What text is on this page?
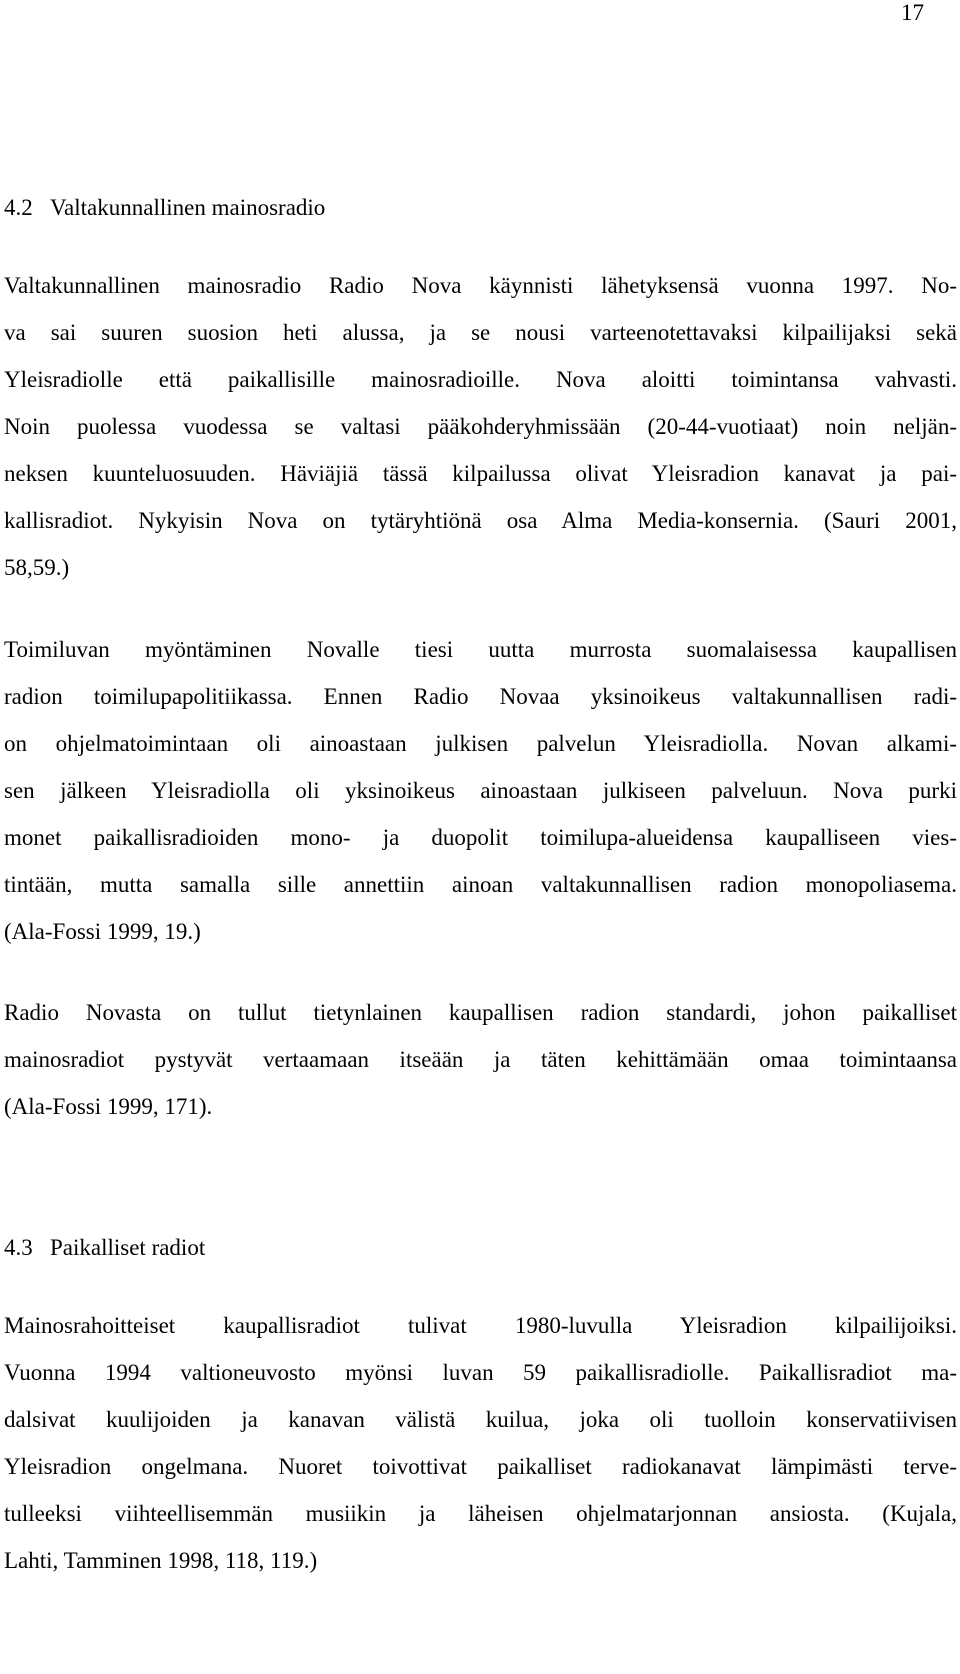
17
4.2 Valtakunnallinen mainosradio
Valtakunnallinen mainosradio Radio Nova käynnisti lähetyksensä vuonna 1997. No-
va sai suuren suosion heti alussa, ja se nousi varteenotettavaksi kilpailijaksi sekä
Yleisradiolle että paikallisille mainosradioille. Nova aloitti toimintansa vahvasti.
Noin puolessa vuodessa se valtasi pääkohderyhmissään (20-44-vuotiaat) noin neljän-
neksen kuunteluosuuden. Häviäjiä tässä kilpailussa olivat Yleisradion kanavat ja pai-
kallisradiot. Nykyisin Nova on tytäryhtiönä osa Alma Media-konsernia. (Sauri 2001,
58,59.)
Toimiluvan myöntäminen Novalle tiesi uutta murrosta suomalaisessa kaupallisen
radion toimilupapolitiikassa. Ennen Radio Novaa yksinoikeus valtakunnallisen radi-
on ohjelmatoimintaan oli ainoastaan julkisen palvelun Yleisradiolla. Novan alkami-
sen jälkeen Yleisradiolla oli yksinoikeus ainoastaan julkiseen palveluun. Nova purki
monet paikallisradioiden mono- ja duopolit toimilupa-alueidensa kaupalliseen vies-
tintään, mutta samalla sille annettiin ainoan valtakunnallisen radion monopoliasema.
(Ala-Fossi 1999, 19.)
Radio Novasta on tullut tietynlainen kaupallisen radion standardi, johon paikalliset
mainosradiot pystyvät vertaamaan itseään ja täten kehittämään omaa toimintaansa
(Ala-Fossi 1999, 171).
4.3 Paikalliset radiot
Mainosrahoitteiset kaupallisradiot tulivat 1980-luvulla Yleisradion kilpailijoiksi.
Vuonna 1994 valtioneuvosto myönsi luvan 59 paikallisradiolle. Paikallisradiot ma-
dalsivat kuulijoiden ja kanavan välistä kuilua, joka oli tuolloin konservatiivisen
Yleisradion ongelmana. Nuoret toivottivat paikalliset radiokanavat lämpimästi terve-
tulleeksi viihteellisemmän musiikin ja läheisen ohjelmatarjonnan ansiosta. (Kujala,
Lahti, Tamminen 1998, 118, 119.)
